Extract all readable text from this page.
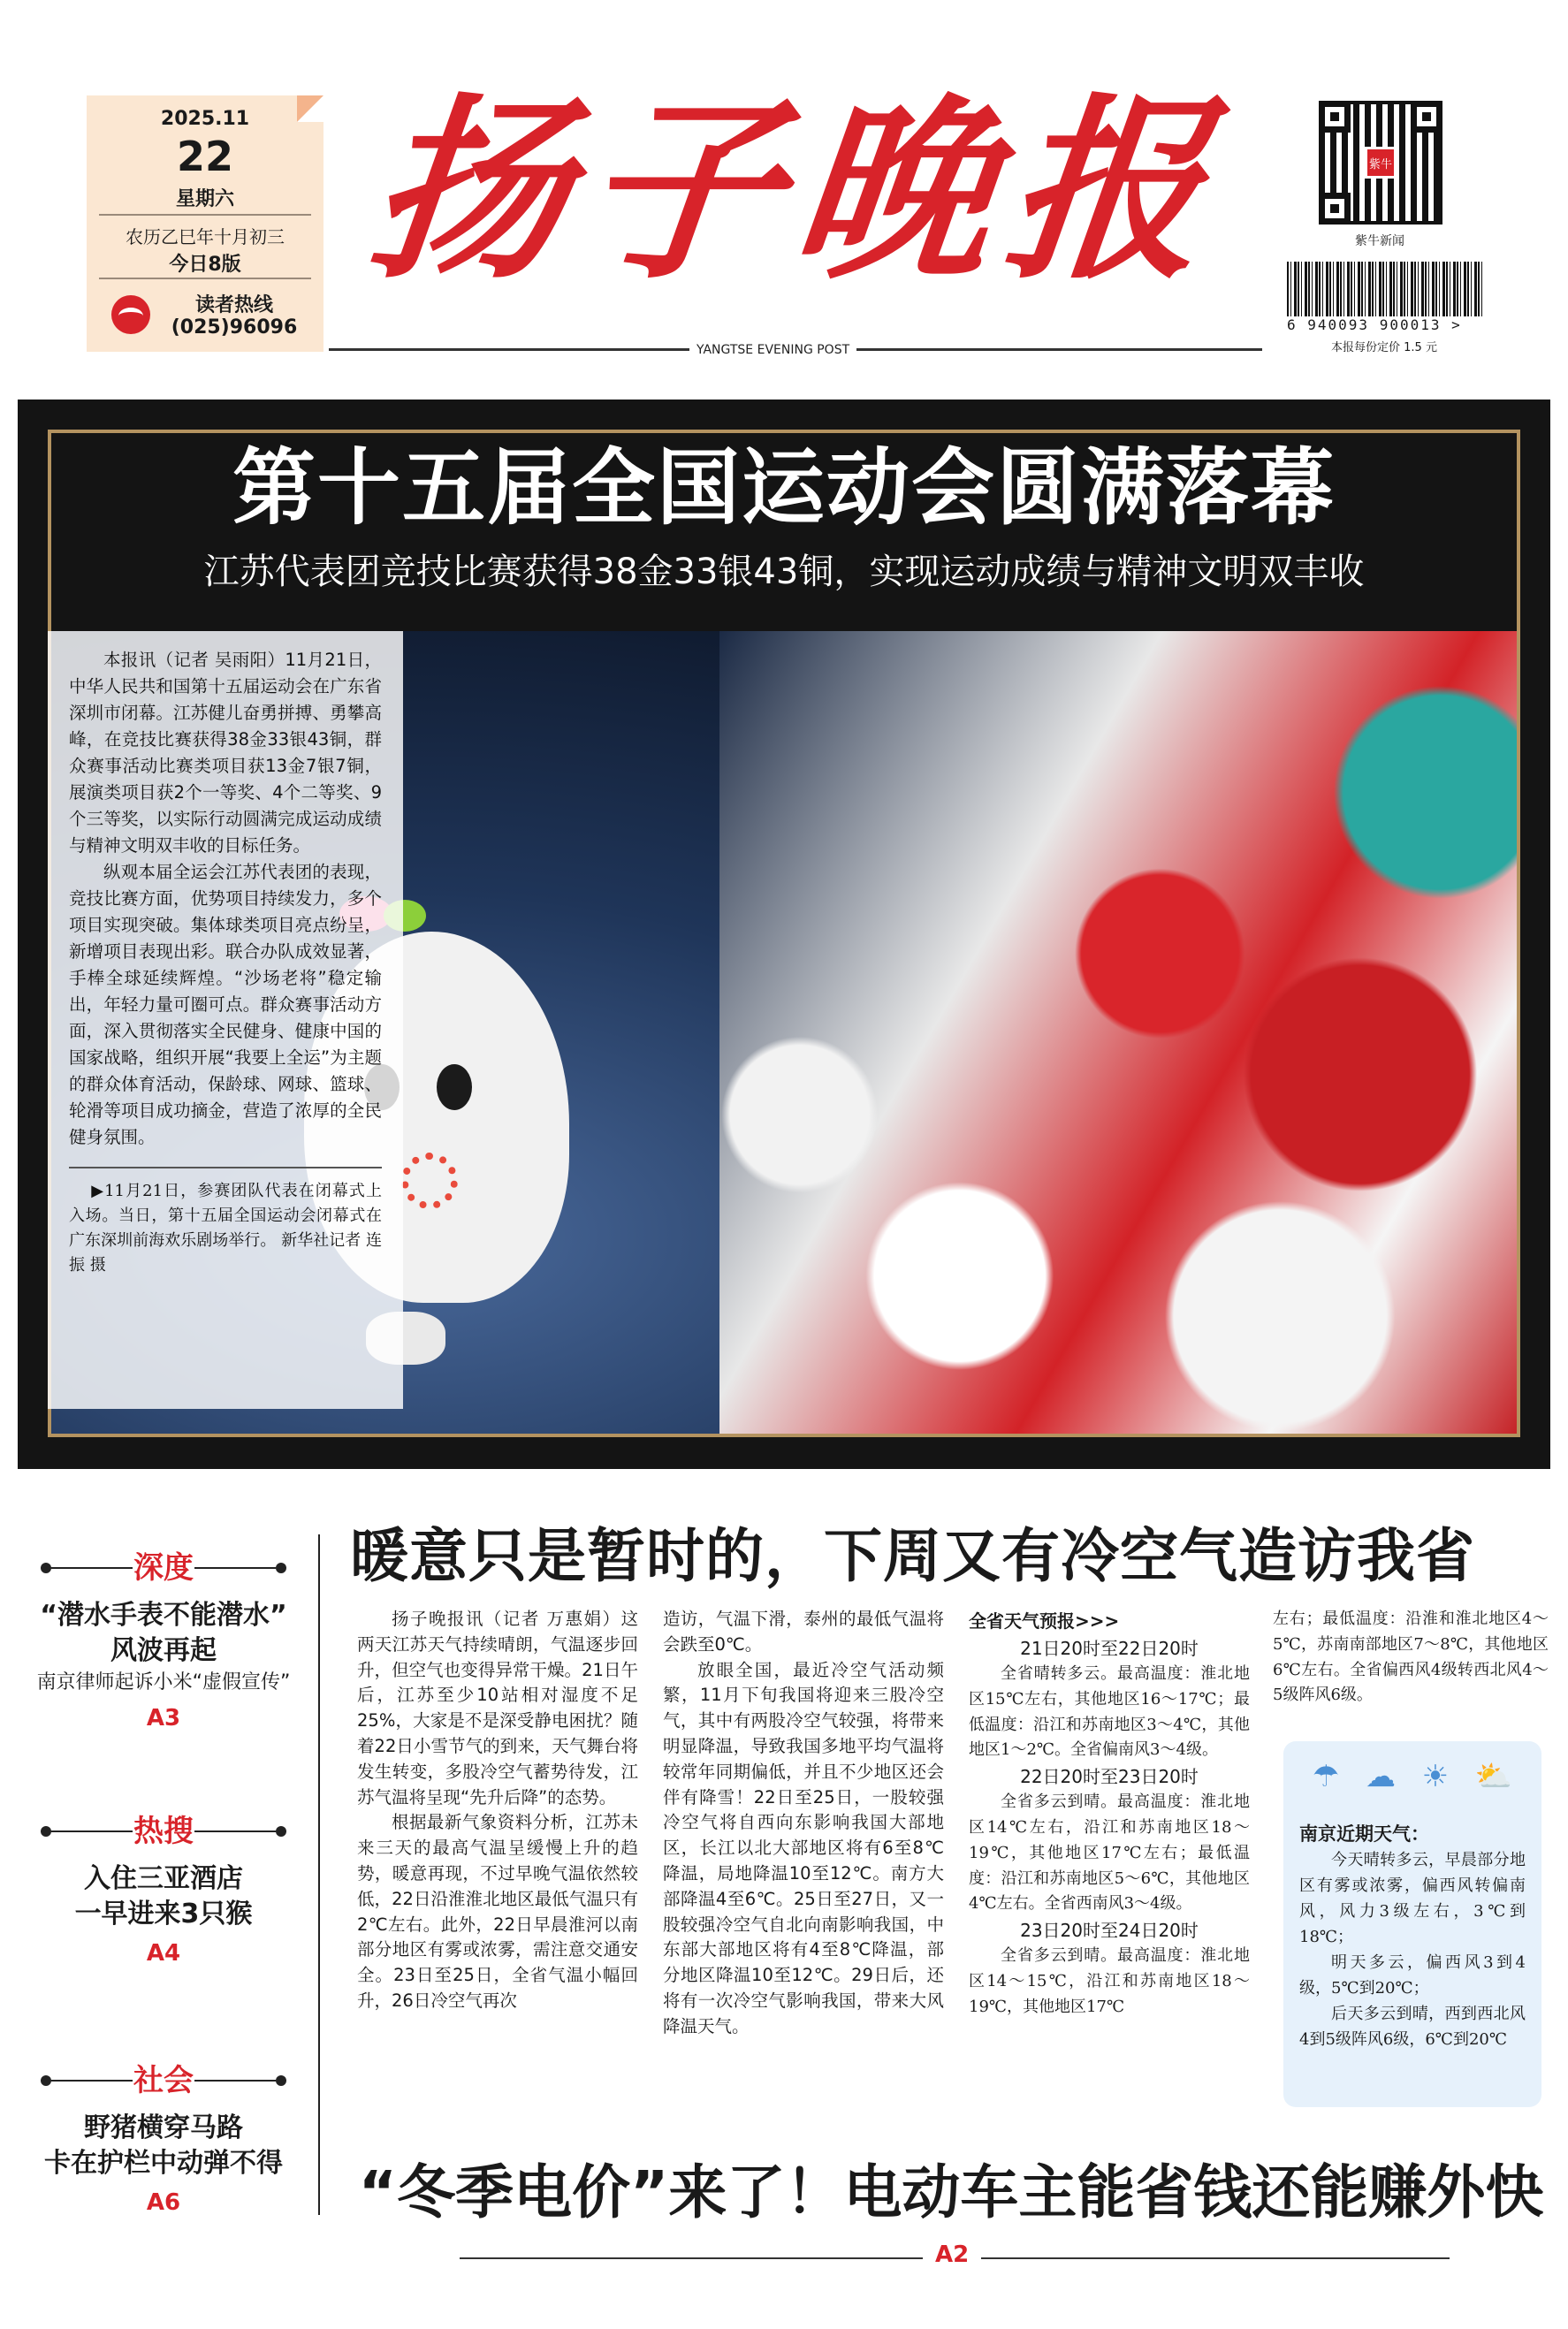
2025.11
22
星期六
农历乙巳年十月初三
今日8版
读者热线
(025)96096
扬子晚报
YANGTSE EVENING POST
紫牛
紫牛新闻
6 940093 900013 >
本报每份定价 1.5 元
第十五届全国运动会圆满落幕
江苏代表团竞技比赛获得38金33银43铜，实现运动成绩与精神文明双丰收

本报讯（记者 吴雨阳）11月21日，中华人民共和国第十五届运动会在广东省深圳市闭幕。江苏健儿奋勇拼搏、勇攀高峰，在竞技比赛获得38金33银43铜，群众赛事活动比赛类项目获13金7银7铜，展演类项目获2个一等奖、4个二等奖、9个三等奖，以实际行动圆满完成运动成绩与精神文明双丰收的目标任务。

纵观本届全运会江苏代表团的表现，竞技比赛方面，优势项目持续发力，多个项目实现突破。集体球类项目亮点纷呈，新增项目表现出彩。联合办队成效显著，手棒全球延续辉煌。“沙场老将”稳定输出，年轻力量可圈可点。群众赛事活动方面，深入贯彻落实全民健身、健康中国的国家战略，组织开展“我要上全运”为主题的群众体育活动，保龄球、网球、篮球、轮滑等项目成功摘金，营造了浓厚的全民健身氛围。

▶11月21日，参赛团队代表在闭幕式上入场。当日，第十五届全国运动会闭幕式在广东深圳前海欢乐剧场举行。 新华社记者 连振 摄
深度
“潜水手表不能潜水”
风波再起
南京律师起诉小米“虚假宣传”
A3
热搜
入住三亚酒店
一早进来3只猴
A4
社会
野猪横穿马路
卡在护栏中动弹不得
A6
暖意只是暂时的，下周又有冷空气造访我省

扬子晚报讯（记者 万惠娟）这两天江苏天气持续晴朗，气温逐步回升，但空气也变得异常干燥。21日午后，江苏至少10站相对湿度不足25%，大家是不是深受静电困扰？随着22日小雪节气的到来，天气舞台将发生转变，多股冷空气蓄势待发，江苏气温将呈现“先升后降”的态势。

根据最新气象资料分析，江苏未来三天的最高气温呈缓慢上升的趋势，暖意再现，不过早晚气温依然较低，22日沿淮淮北地区最低气温只有2℃左右。此外，22日早晨淮河以南部分地区有雾或浓雾，需注意交通安全。23日至25日，全省气温小幅回升，26日冷空气再次

造访，气温下滑，泰州的最低气温将会跌至0℃。

放眼全国，最近冷空气活动频繁，11月下旬我国将迎来三股冷空气，其中有两股冷空气较强，将带来明显降温，导致我国多地平均气温将较常年同期偏低，并且不少地区还会伴有降雪！22日至25日，一股较强冷空气将自西向东影响我国大部地区，长江以北大部地区将有6至8℃降温，局地降温10至12℃。南方大部降温4至6℃。25日至27日，又一股较强冷空气自北向南影响我国，中东部大部地区将有4至8℃降温，部分地区降温10至12℃。29日后，还将有一次冷空气影响我国，带来大风降温天气。

全省天气预报>>>
21日20时至22日20时

全省晴转多云。最高温度：淮北地区15℃左右，其他地区16～17℃；最低温度：沿江和苏南地区3～4℃，其他地区1～2℃。全省偏南风3～4级。

22日20时至23日20时

全省多云到晴。最高温度：淮北地区14℃左右，沿江和苏南地区18～19℃，其他地区17℃左右；最低温度：沿江和苏南地区5～6℃，其他地区4℃左右。全省西南风3～4级。

23日20时至24日20时

全省多云到晴。最高温度：淮北地区14～15℃，沿江和苏南地区18～19℃，其他地区17℃

左右；最低温度：沿淮和淮北地区4～5℃，苏南南部地区7～8℃，其他地区6℃左右。全省偏西风4级转西北风4～5级阵风6级。
☂ ☁ ☀ ⛅
南京近期天气：

今天晴转多云，早晨部分地区有雾或浓雾，偏西风转偏南风，风力3级左右，3℃到18℃；

明天多云，偏西风3到4级，5℃到20℃；

后天多云到晴，西到西北风4到5级阵风6级，6℃到20℃

“冬季电价”来了！电动车主能省钱还能赚外快
A2
